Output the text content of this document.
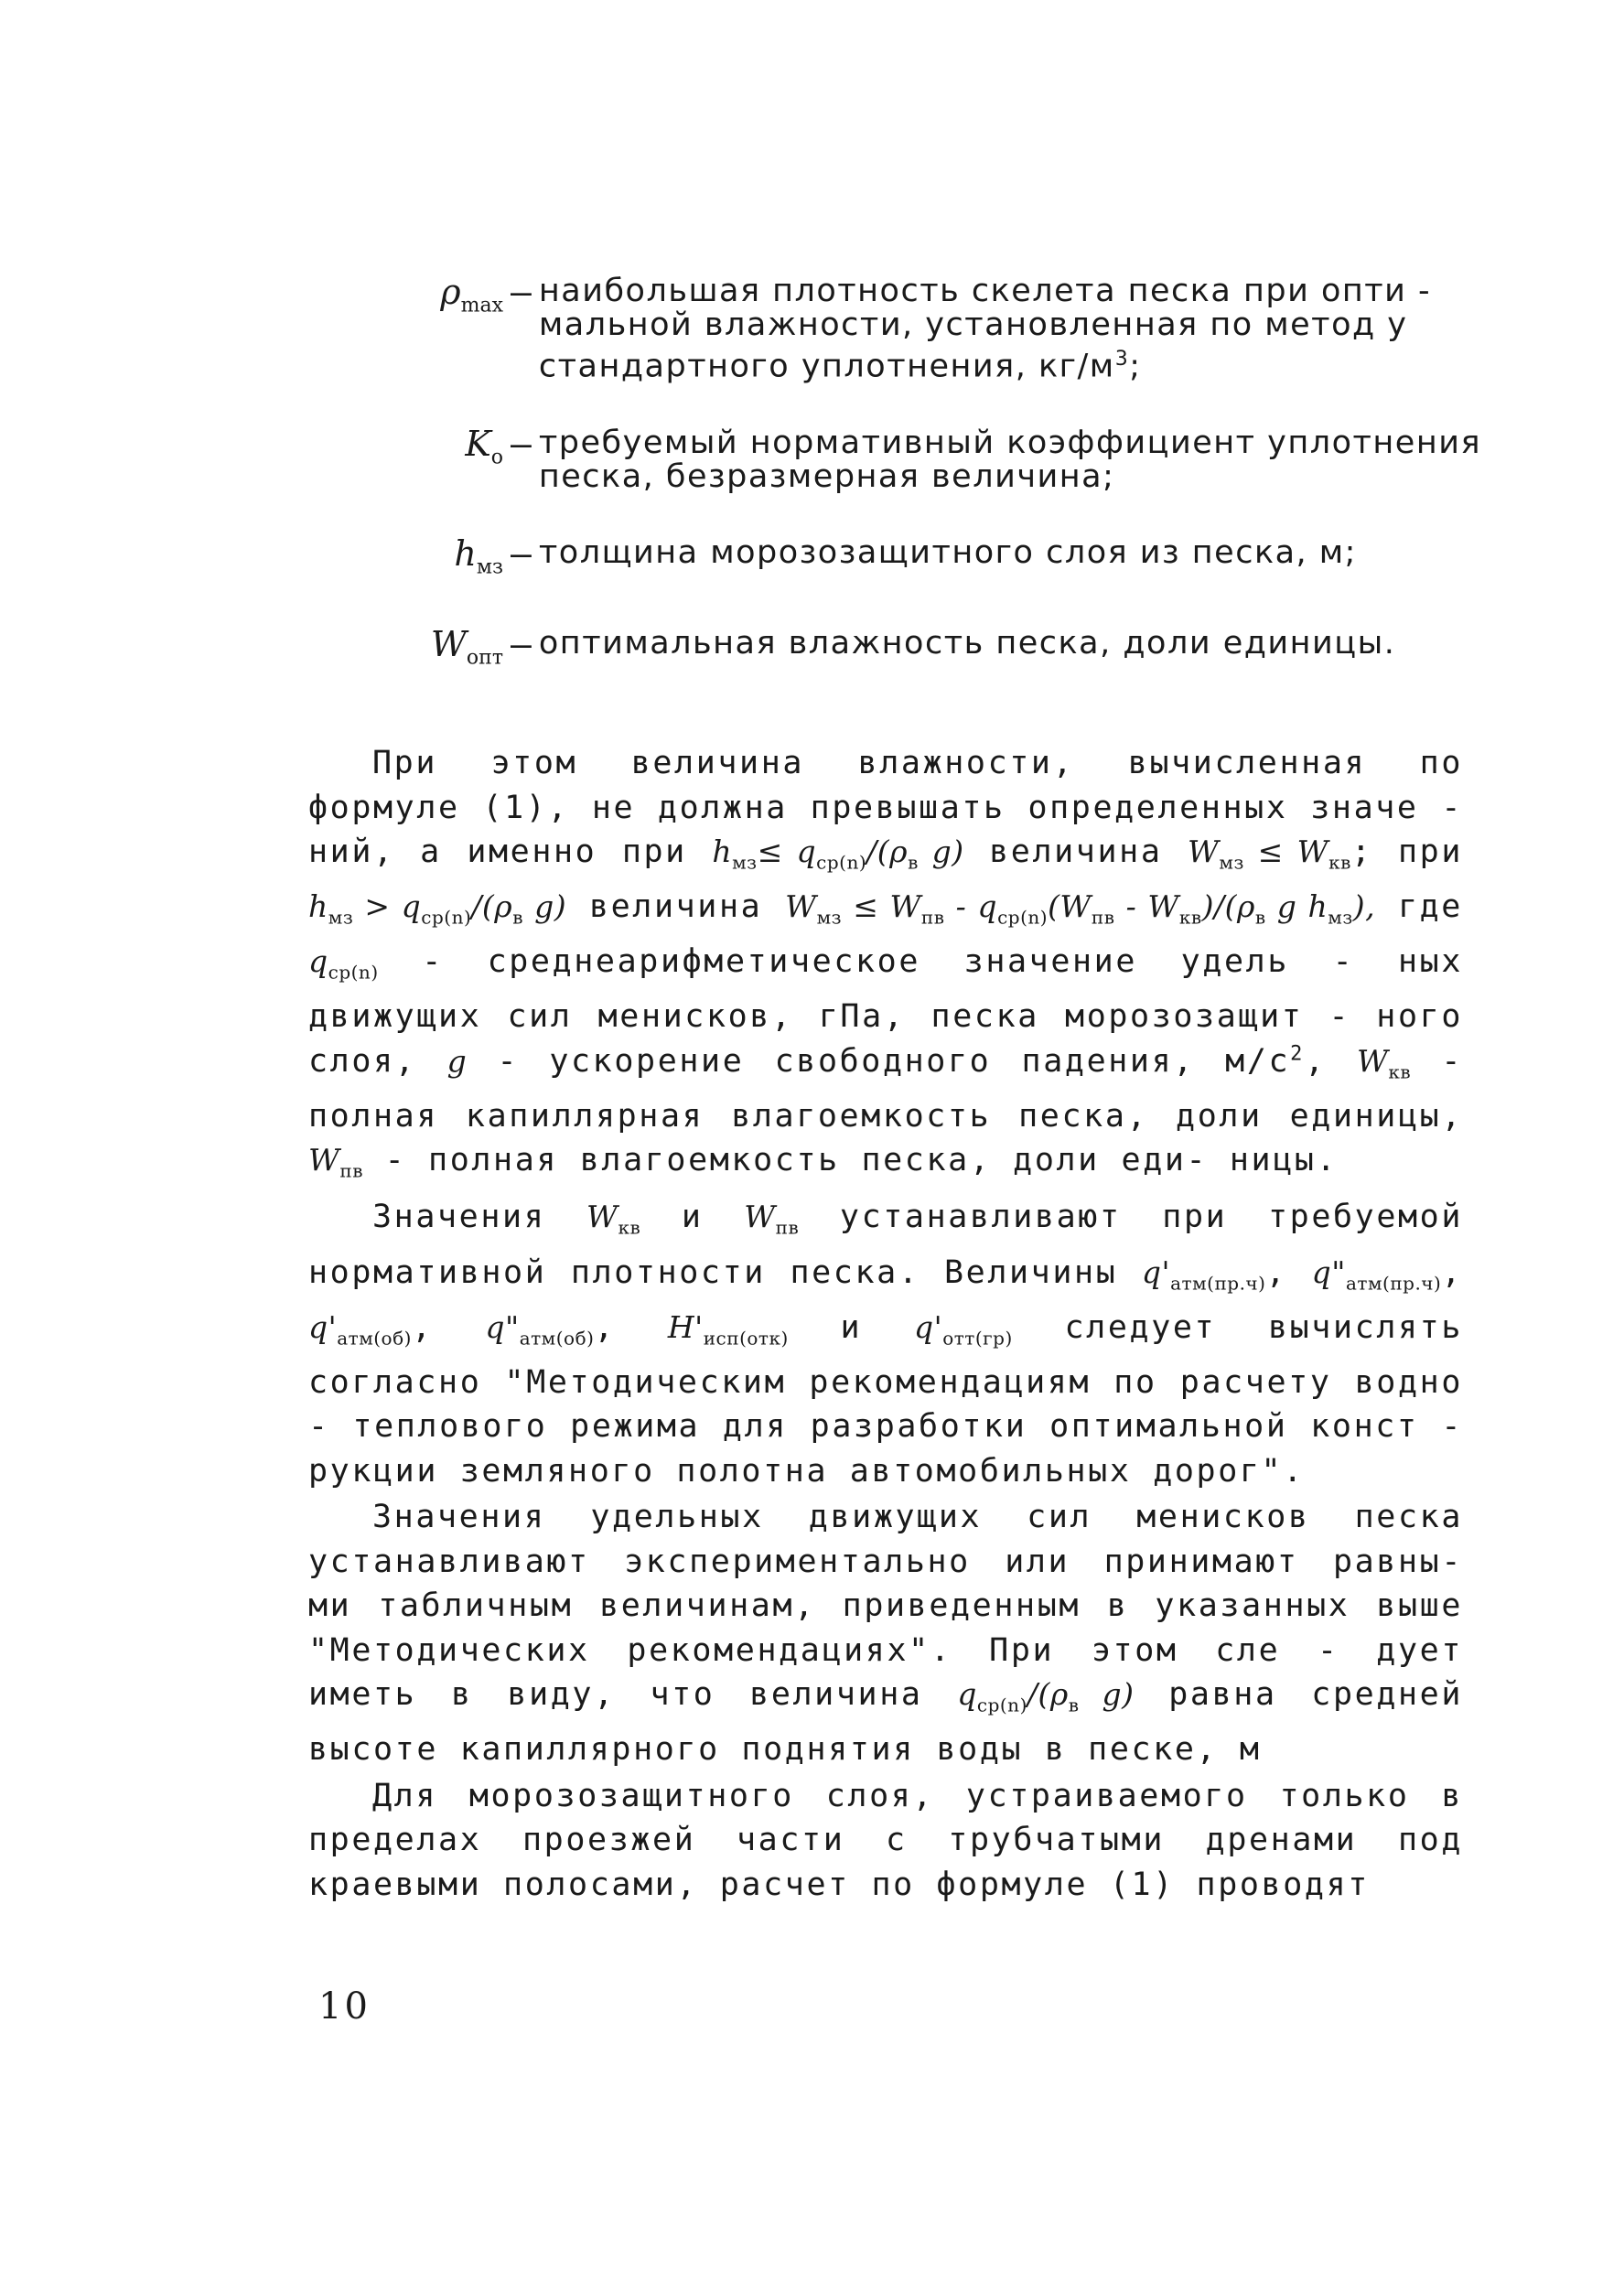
$\rho_{max}$ – наибольшая плотность скелета песка при опти - мальной влажности, установленная по метод у стандартного уплотнения, $кг/м^3$;
$K_о$ – требуемый нормативный коэффициент уплотнения песка, безразмерная величина;
$h_{мз}$ – толщина морозозащитного слоя из песка, м;
$W_{опт}$ – оптимальная влажность песка, доли единицы.

При этом величина влажности, вычисленная по формуле (1), не должна превышать определенных значе - ний, а именно при $h_{мз}\le q_{ср(n)}/(\rho_в$ g) величина $W_{мз} \le W_{кв}$; при $h_{мз} > q_{ср(n)}/(\rho_в$ g) величина $W_{мз} \le W_{пв} - q_{ср(n)}(W_{пв} - W_{кв})/(\rho_в$ g $h_{мз}$), где $q_{ср(n)}$ - среднеарифметическое значение удель - ных движущих сил менисков, гПа, песка морозозащит - ного слоя, g - ускорение свободного падения, $м/с^2$, $W_{кв}$ - полная капиллярная влагоемкость песка, доли единицы, $W_{пв}$ - полная влагоемкость песка, доли еди- ницы.

Значения $W_{кв}$ и $W_{пв}$ устанавливают при требуемой нормативной плотности песка. Величины $q'_{атм(пр.ч)}$, $q"_{атм(пр.ч)}$, $q'_{атм(об)}$, $q"_{атм(об)}$, $H'_{исп(отк)}$ и $q'_{отт(гр)}$ следует вычислять согласно "Методическим рекомендациям по расчету водно - теплового режима для разработки оптимальной конст - рукции земляного полотна автомобильных дорог".

Значения удельных движущих сил менисков песка устанавливают экспериментально или принимают равны- ми табличным величинам, приведенным в указанных выше "Методических рекомендациях". При этом сле - дует иметь в виду, что величина $q_{ср(n)}/(\rho_в$ g) равна средней высоте капиллярного поднятия воды в песке, м

Для морозозащитного слоя, устраиваемого только в пределах проезжей части с трубчатыми дренами под краевыми полосами, расчет по формуле (1) проводят

10
